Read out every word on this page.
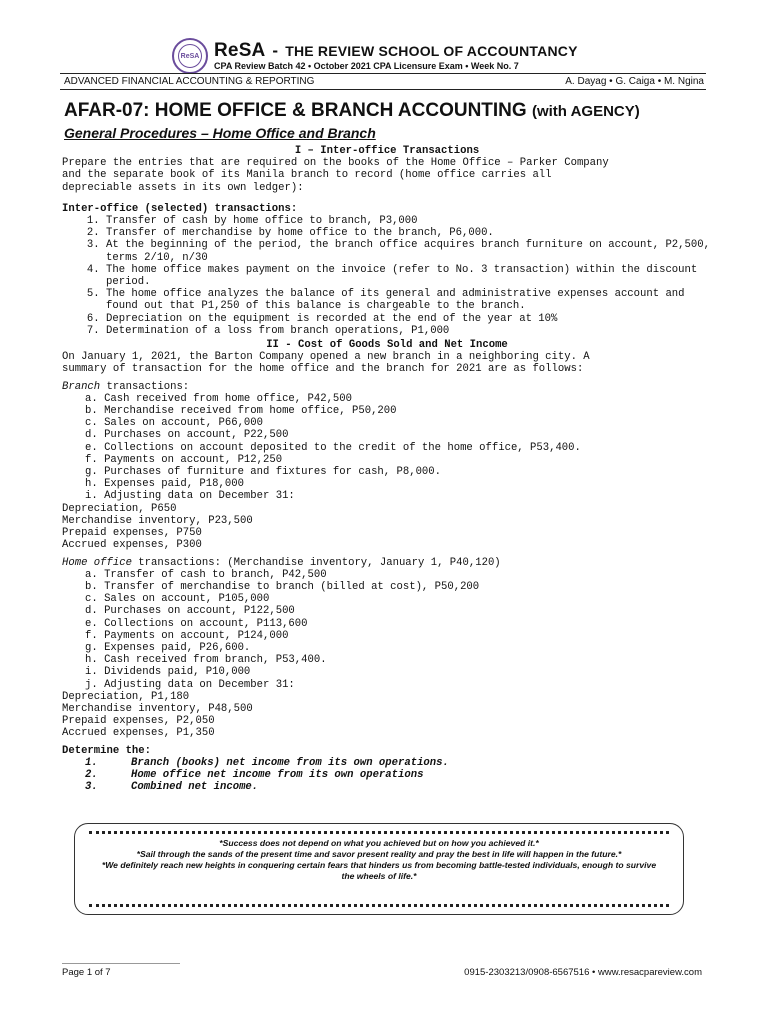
ReSA ReSA - THE REVIEW SCHOOL OF ACCOUNTANCY
CPA Review Batch 42 • October 2021 CPA Licensure Exam • Week No. 7
ADVANCED FINANCIAL ACCOUNTING & REPORTING	A. Dayag • G. Caiga • M. Ngina
AFAR-07: HOME OFFICE & BRANCH ACCOUNTING (with AGENCY)
General Procedures – Home Office and Branch
I – Inter-office Transactions
Prepare the entries that are required on the books of the Home Office – Parker Company
and the separate book of its Manila branch to record (home office carries all
depreciable assets in its own ledger):
Inter-office (selected) transactions:
1. Transfer of cash by home office to branch, P3,000
2. Transfer of merchandise by home office to the branch, P6,000.
3. At the beginning of the period, the branch office acquires branch furniture on account, P2,500, terms 2/10, n/30
4. The home office makes payment on the invoice (refer to No. 3 transaction) within the discount period.
5. The home office analyzes the balance of its general and administrative expenses account and found out that P1,250 of this balance is chargeable to the branch.
6. Depreciation on the equipment is recorded at the end of the year at 10%
7. Determination of a loss from branch operations, P1,000
II - Cost of Goods Sold and Net Income
On January 1, 2021, the Barton Company opened a new branch in a neighboring city. A
summary of transaction for the home office and the branch for 2021 are as follows:
Branch transactions:
a. Cash received from home office, P42,500
b. Merchandise received from home office, P50,200
c. Sales on account, P66,000
d. Purchases on account, P22,500
e. Collections on account deposited to the credit of the home office, P53,400.
f. Payments on account, P12,250
g. Purchases of furniture and fixtures for cash, P8,000.
h. Expenses paid, P18,000
i. Adjusting data on December 31:
Depreciation, P650
Merchandise inventory, P23,500
Prepaid expenses, P750
Accrued expenses, P300
Home office transactions: (Merchandise inventory, January 1, P40,120)
a. Transfer of cash to branch, P42,500
b. Transfer of merchandise to branch (billed at cost), P50,200
c. Sales on account, P105,000
d. Purchases on account, P122,500
e. Collections on account, P113,600
f. Payments on account, P124,000
g. Expenses paid, P26,600.
h. Cash received from branch, P53,400.
i. Dividends paid, P10,000
j. Adjusting data on December 31:
Depreciation, P1,180
Merchandise inventory, P48,500
Prepaid expenses, P2,050
Accrued expenses, P1,350
Determine the:
1.	Branch (books) net income from its own operations.
2.	Home office net income from its own operations
3.	Combined net income.
*Success does not depend on what you achieved but on how you achieved it.*
*Sail through the sands of the present time and savor present reality and pray the best in life will happen in the future.*
*We definitely reach new heights in conquering certain fears that hinders us from becoming battle-tested individuals, enough to survive the wheels of life.*
Page 1 of 7	0915-2303213/0908-6567516 • www.resacpareview.com
